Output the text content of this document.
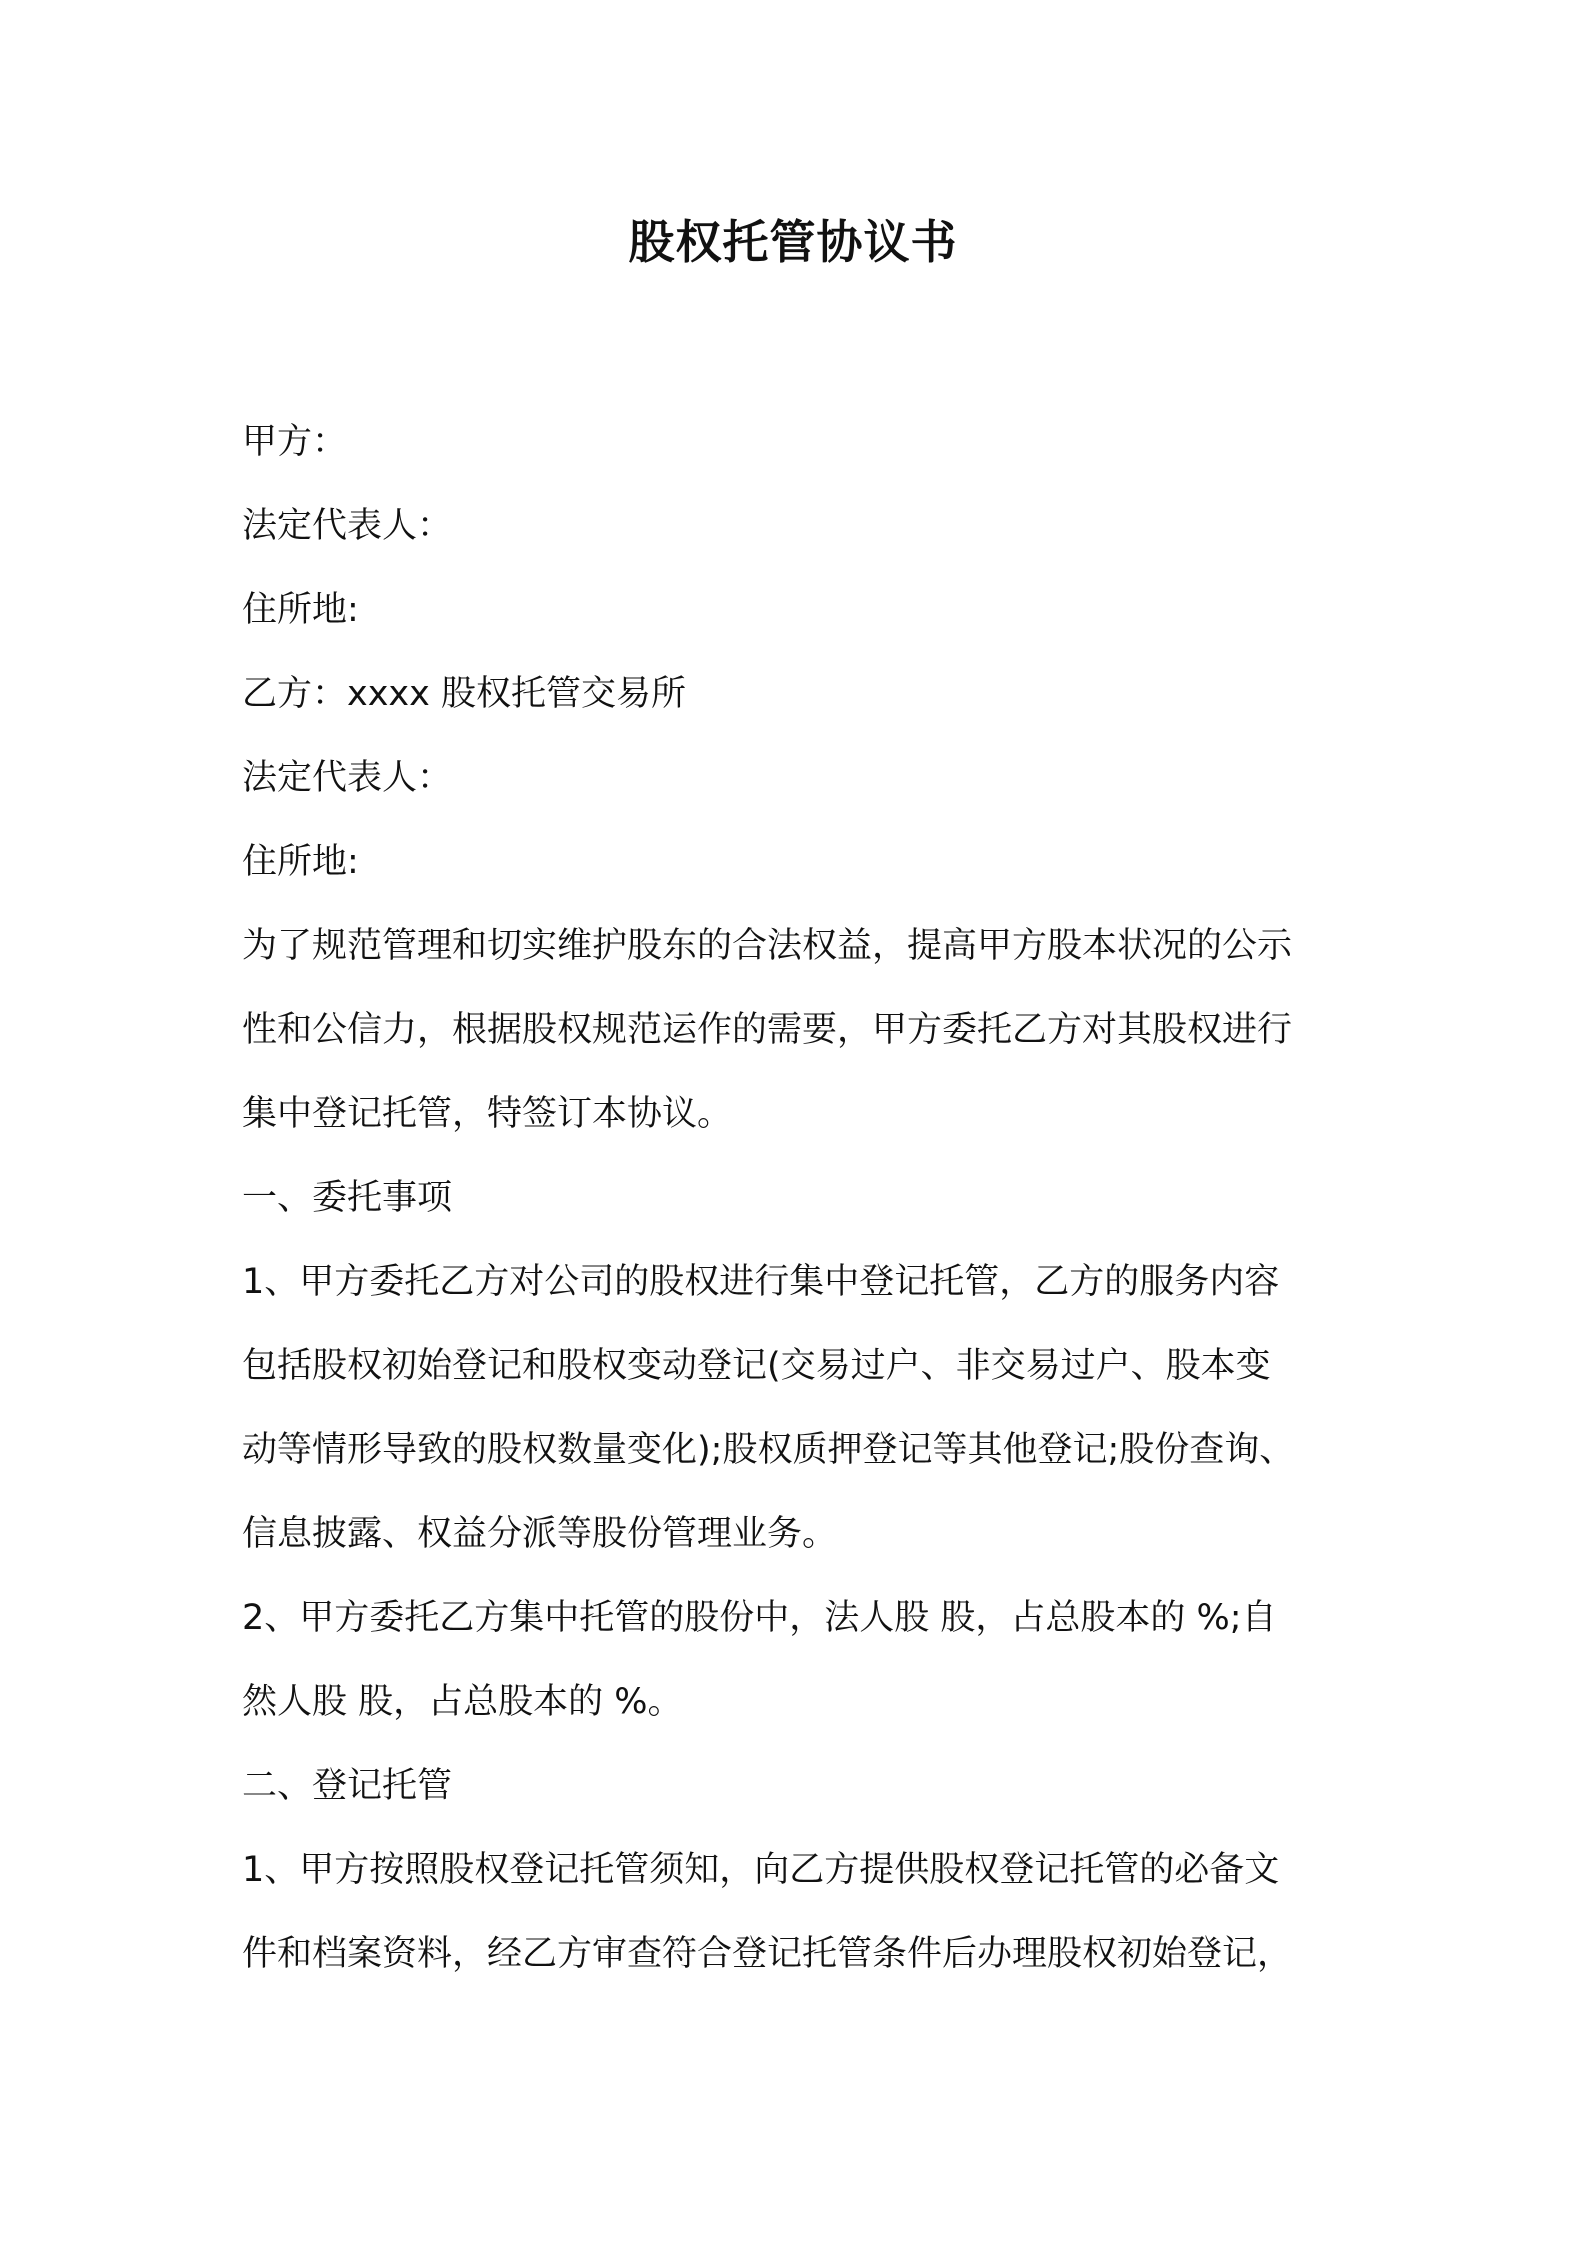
股权托管协议书
甲方：
法定代表人：
住所地:
乙方：xxxx 股权托管交易所
法定代表人：
住所地:
为了规范管理和切实维护股东的合法权益，提高甲方股本状况的公示
性和公信力，根据股权规范运作的需要，甲方委托乙方对其股权进行
集中登记托管，特签订本协议。
一、委托事项
1、甲方委托乙方对公司的股权进行集中登记托管，乙方的服务内容
包括股权初始登记和股权变动登记(交易过户、非交易过户、股本变
动等情形导致的股权数量变化);股权质押登记等其他登记;股份查询、
信息披露、权益分派等股份管理业务。
2、甲方委托乙方集中托管的股份中，法人股 股，占总股本的 %;自
然人股 股，占总股本的 %。
二、登记托管
1、甲方按照股权登记托管须知，向乙方提供股权登记托管的必备文
件和档案资料，经乙方审查符合登记托管条件后办理股权初始登记，
